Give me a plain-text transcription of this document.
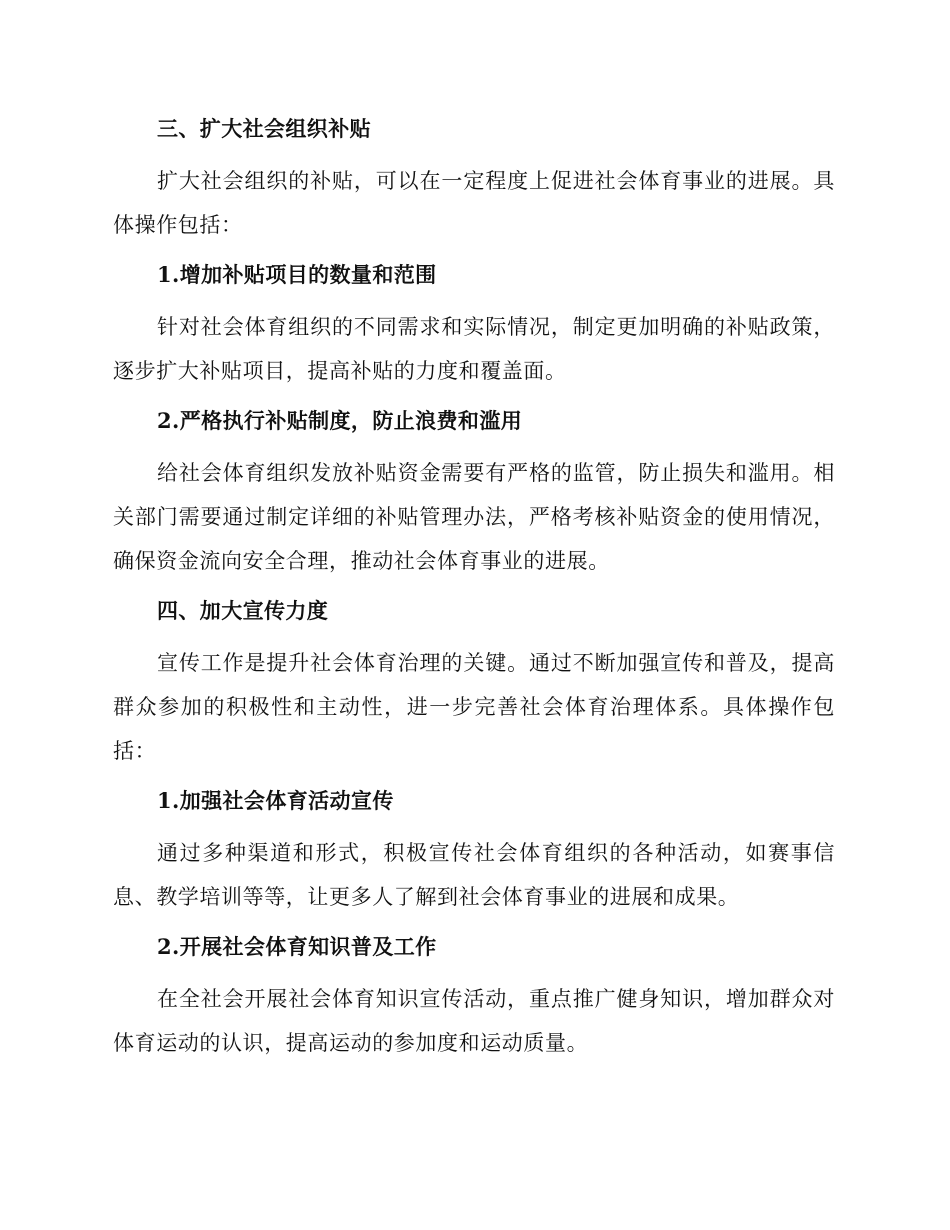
三、扩大社会组织补贴

扩大社会组织的补贴，可以在一定程度上促进社会体育事业的进展。具体操作包括：

1.增加补贴项目的数量和范围

针对社会体育组织的不同需求和实际情况，制定更加明确的补贴政策，逐步扩大补贴项目，提高补贴的力度和覆盖面。

2.严格执行补贴制度，防止浪费和滥用

给社会体育组织发放补贴资金需要有严格的监管，防止损失和滥用。相关部门需要通过制定详细的补贴管理办法，严格考核补贴资金的使用情况，确保资金流向安全合理，推动社会体育事业的进展。

四、加大宣传力度

宣传工作是提升社会体育治理的关键。通过不断加强宣传和普及，提高群众参加的积极性和主动性，进一步完善社会体育治理体系。具体操作包括：

1.加强社会体育活动宣传

通过多种渠道和形式，积极宣传社会体育组织的各种活动，如赛事信息、教学培训等等，让更多人了解到社会体育事业的进展和成果。

2.开展社会体育知识普及工作

在全社会开展社会体育知识宣传活动，重点推广健身知识，增加群众对体育运动的认识，提高运动的参加度和运动质量。
